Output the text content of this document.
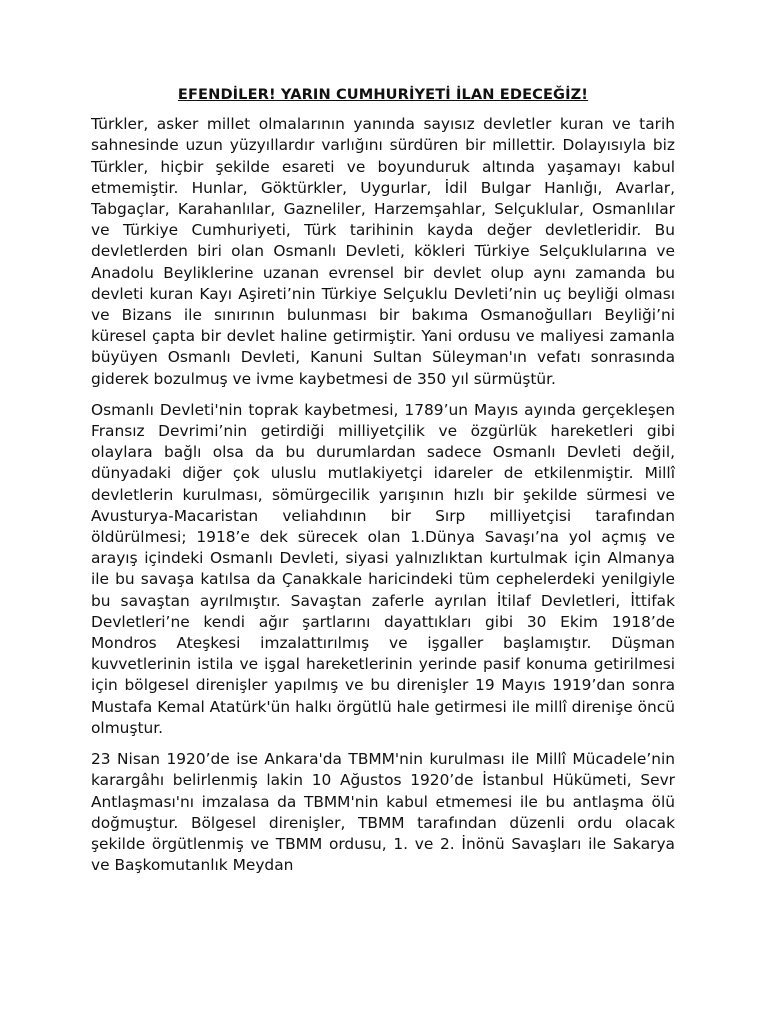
EFENDİLER! YARIN CUMHURİYETİ İLAN EDECEĞİZ!

Türkler, asker millet olmalarının yanında sayısız devletler kuran ve tarih sahnesinde uzun yüzyıllardır varlığını sürdüren bir millettir. Dolayısıyla biz Türkler, hiçbir şekilde esareti ve boyunduruk altında yaşamayı kabul etmemiştir. Hunlar, Göktürkler, Uygurlar, İdil Bulgar Hanlığı, Avarlar, Tabgaçlar, Karahanlılar, Gazneliler, Harzemşahlar, Selçuklular, Osmanlılar ve Türkiye Cumhuriyeti, Türk tarihinin kayda değer devletleridir. Bu devletlerden biri olan Osmanlı Devleti, kökleri Türkiye Selçuklularına ve Anadolu Beyliklerine uzanan evrensel bir devlet olup aynı zamanda bu devleti kuran Kayı Aşireti’nin Türkiye Selçuklu Devleti’nin uç beyliği olması ve Bizans ile sınırının bulunması bir bakıma Osmanoğulları Beyliği’ni küresel çapta bir devlet haline getirmiştir. Yani ordusu ve maliyesi zamanla büyüyen Osmanlı Devleti, Kanuni Sultan Süleyman'ın vefatı sonrasında giderek bozulmuş ve ivme kaybetmesi de 350 yıl sürmüştür.

Osmanlı Devleti'nin toprak kaybetmesi, 1789’un Mayıs ayında gerçekleşen Fransız Devrimi’nin getirdiği milliyetçilik ve özgürlük hareketleri gibi olaylara bağlı olsa da bu durumlardan sadece Osmanlı Devleti değil, dünyadaki diğer çok uluslu mutlakiyetçi idareler de etkilenmiştir. Millî devletlerin kurulması, sömürgecilik yarışının hızlı bir şekilde sürmesi ve Avusturya-Macaristan veliahdının bir Sırp milliyetçisi tarafından öldürülmesi; 1918’e dek sürecek olan 1.Dünya Savaşı’na yol açmış ve arayış içindeki Osmanlı Devleti, siyasi yalnızlıktan kurtulmak için Almanya ile bu savaşa katılsa da Çanakkale haricindeki tüm cephelerdeki yenilgiyle bu savaştan ayrılmıştır. Savaştan zaferle ayrılan İtilaf Devletleri, İttifak Devletleri’ne kendi ağır şartlarını dayattıkları gibi 30 Ekim 1918’de Mondros Ateşkesi imzalattırılmış ve işgaller başlamıştır. Düşman kuvvetlerinin istila ve işgal hareketlerinin yerinde pasif konuma getirilmesi için bölgesel direnişler yapılmış ve bu direnişler 19 Mayıs 1919’dan sonra Mustafa Kemal Atatürk'ün halkı örgütlü hale getirmesi ile millî direnişe öncü olmuştur.

23 Nisan 1920’de ise Ankara'da TBMM'nin kurulması ile Millî Mücadele’nin karargâhı belirlenmiş lakin 10 Ağustos 1920’de İstanbul Hükümeti, Sevr Antlaşması'nı imzalasa da TBMM'nin kabul etmemesi ile bu antlaşma ölü doğmuştur. Bölgesel direnişler, TBMM tarafından düzenli ordu olacak şekilde örgütlenmiş ve TBMM ordusu, 1. ve 2. İnönü Savaşları ile Sakarya ve Başkomutanlık Meydan
